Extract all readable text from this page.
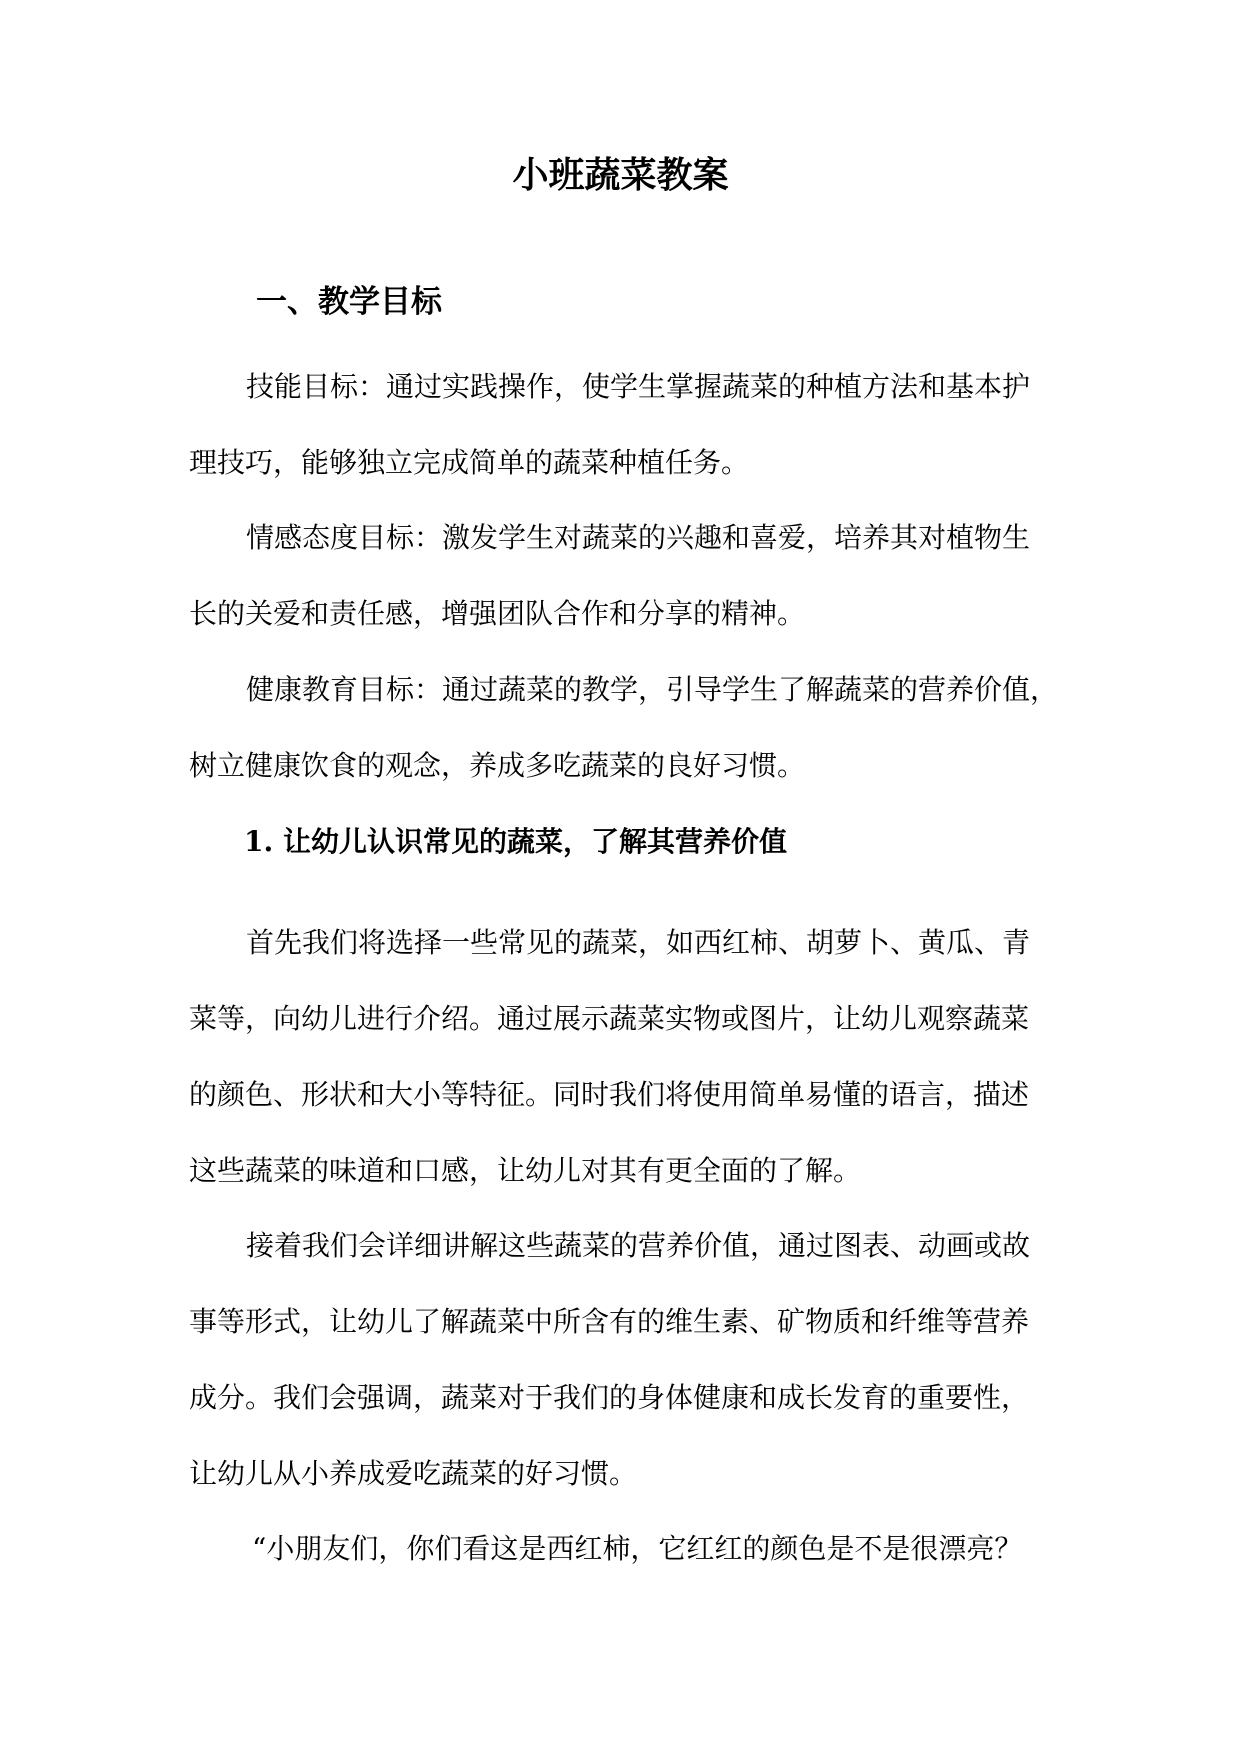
小班蔬菜教案
一、教学目标
技能目标：通过实践操作，使学生掌握蔬菜的种植方法和基本护
理技巧，能够独立完成简单的蔬菜种植任务。
情感态度目标：激发学生对蔬菜的兴趣和喜爱，培养其对植物生
长的关爱和责任感，增强团队合作和分享的精神。
健康教育目标：通过蔬菜的教学，引导学生了解蔬菜的营养价值，
树立健康饮食的观念，养成多吃蔬菜的良好习惯。
1. 让幼儿认识常见的蔬菜，了解其营养价值
首先我们将选择一些常见的蔬菜，如西红柿、胡萝卜、黄瓜、青
菜等，向幼儿进行介绍。通过展示蔬菜实物或图片，让幼儿观察蔬菜
的颜色、形状和大小等特征。同时我们将使用简单易懂的语言，描述
这些蔬菜的味道和口感，让幼儿对其有更全面的了解。
接着我们会详细讲解这些蔬菜的营养价值，通过图表、动画或故
事等形式，让幼儿了解蔬菜中所含有的维生素、矿物质和纤维等营养
成分。我们会强调，蔬菜对于我们的身体健康和成长发育的重要性，
让幼儿从小养成爱吃蔬菜的好习惯。
“小朋友们，你们看这是西红柿，它红红的颜色是不是很漂亮？
